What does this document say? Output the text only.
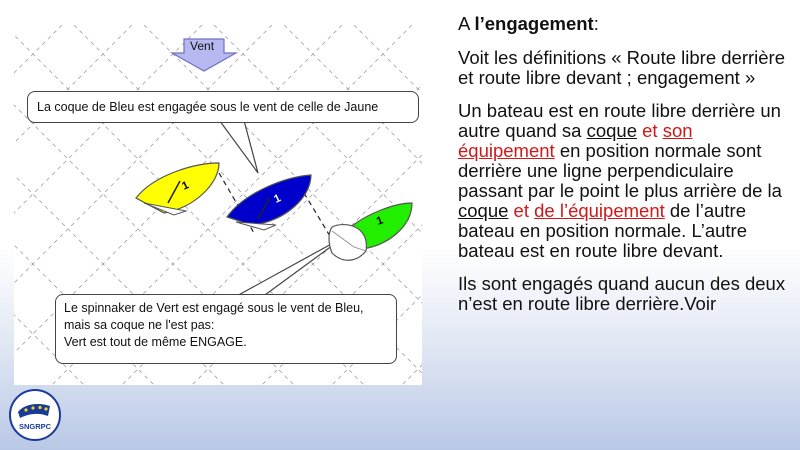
1
1
1
Vent
La coque de Bleu est engagée sous le vent de celle de Jaune
Le spinnaker de Vert est engagé sous le vent de Bleu,
mais sa coque ne l'est pas:
Vert est tout de même ENGAGE.

A l’engagement:

Voit les définitions « Route libre derrière et route libre devant ; engagement »

Un bateau est en route libre derrière un autre quand sa coque et son équipement en position normale sont derrière une ligne perpendiculaire passant par le point le plus arrière de la coque et de l’équipement de l’autre bateau en position normale. L’autre bateau est en route libre devant.

Ils sont engagés quand aucun des deux n’est en route libre derrière.Voir

SNGRPC
